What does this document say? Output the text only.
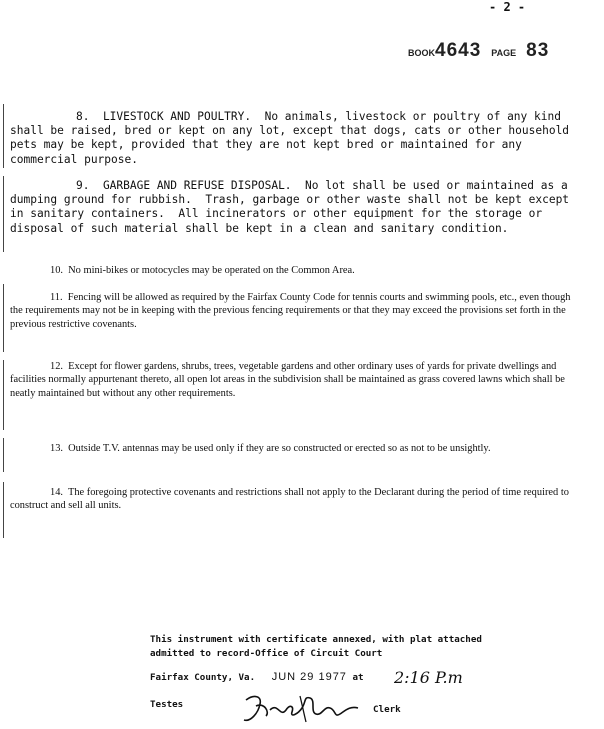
- 2 -
BOOK4643 PAGE 83

8.  LIVESTOCK AND POULTRY.  No animals, livestock or poultry of any kind shall be raised, bred or kept on any lot, except that dogs, cats or other household pets may be kept, provided that they are not kept bred or maintained for any commercial purpose.

9.  GARBAGE AND REFUSE DISPOSAL.  No lot shall be used or maintained as a dumping ground for rubbish.  Trash, garbage or other waste shall not be kept except in sanitary containers.  All incinerators or other equipment for the storage or disposal of such material shall be kept in a clean and sanitary condition.

10.  No mini-bikes or motocycles may be operated on the Common Area.

11.  Fencing will be allowed as required by the Fairfax County Code for tennis courts and swimming pools, etc., even though the requirements may not be in keeping with the previous fencing requirements or that they may exceed the provisions set forth in the previous restrictive covenants.

12.  Except for flower gardens, shrubs, trees, vegetable gardens and other ordinary uses of yards for private dwellings and facilities normally appurtenant thereto, all open lot areas in the subdivision shall be maintained as grass covered lawns which shall be neatly maintained but without any other requirements.

13.  Outside T.V. antennas may be used only if they are so constructed or erected so as not to be unsightly.

14.  The foregoing protective covenants and restrictions shall not apply to the Declarant during the period of time required to construct and sell all units.

This instrument with certificate annexed, with plat attached
admitted to record-Office of Circuit Court
Fairfax County, Va. JUN 29 1977 at	2:16 P.m
Testes	Clerk
